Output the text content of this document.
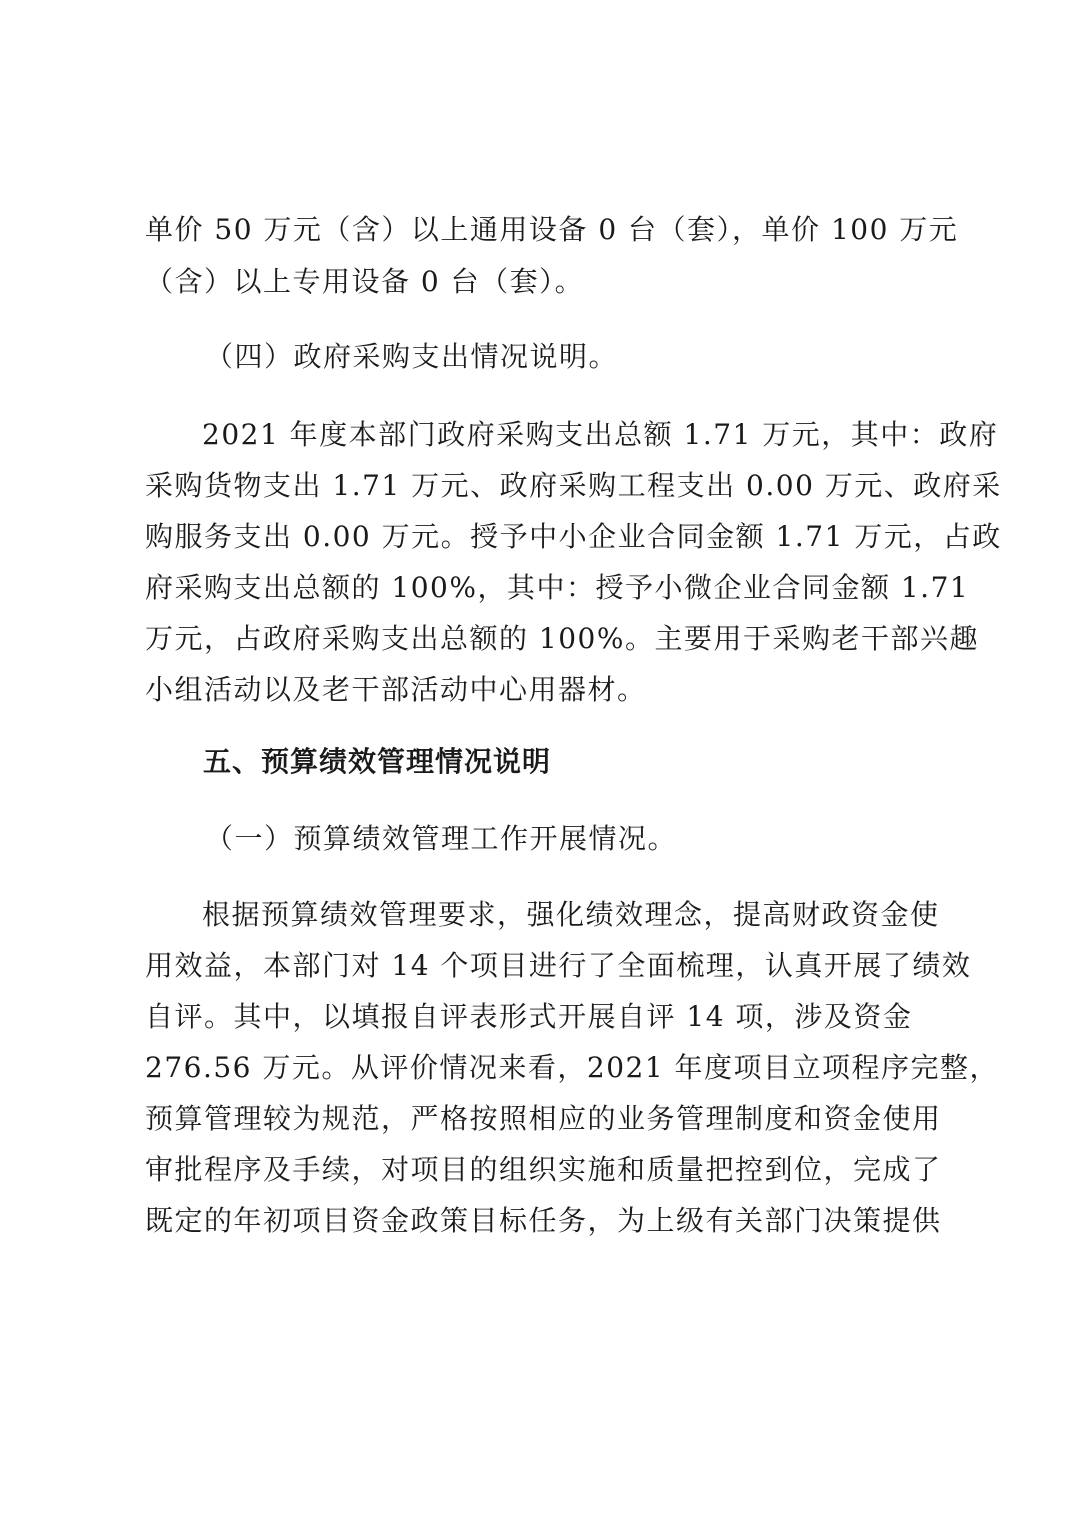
单价 50 万元（含）以上通用设备 0 台（套），单价 100 万元
（含）以上专用设备 0 台（套）。
（四）政府采购支出情况说明。
2021 年度本部门政府采购支出总额 1.71 万元，其中：政府
采购货物支出 1.71 万元、政府采购工程支出 0.00 万元、政府采
购服务支出 0.00 万元。授予中小企业合同金额 1.71 万元，占政
府采购支出总额的 100%，其中：授予小微企业合同金额 1.71
万元，占政府采购支出总额的 100%。主要用于采购老干部兴趣
小组活动以及老干部活动中心用器材。
五、预算绩效管理情况说明
（一）预算绩效管理工作开展情况。
根据预算绩效管理要求，强化绩效理念，提高财政资金使
用效益，本部门对 14 个项目进行了全面梳理，认真开展了绩效
自评。其中，以填报自评表形式开展自评 14 项，涉及资金
276.56 万元。从评价情况来看，2021 年度项目立项程序完整，
预算管理较为规范，严格按照相应的业务管理制度和资金使用
审批程序及手续，对项目的组织实施和质量把控到位，完成了
既定的年初项目资金政策目标任务，为上级有关部门决策提供
